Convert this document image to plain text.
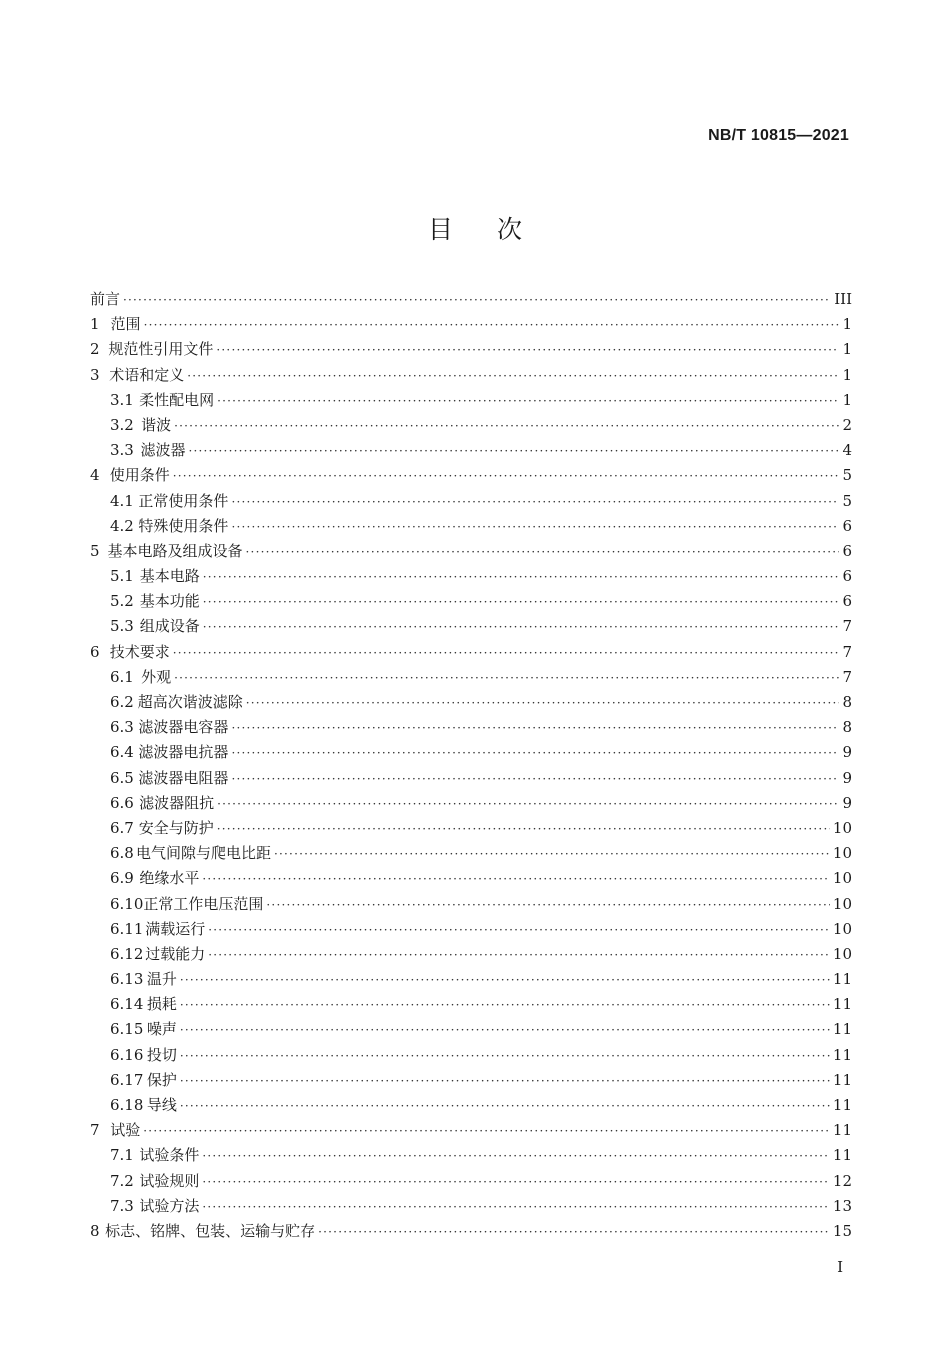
NB/T 10815—2021
目次
前言 ·····	III
1 范围 ·····	1
2 规范性引用文件 ·····	1
3 术语和定义 ·····	1
3.1 柔性配电网 ·····	1
3.2 谐波 ·····	2
3.3 滤波器 ·····	4
4 使用条件 ·····	5
4.1 正常使用条件 ·····	5
4.2 特殊使用条件 ·····	6
5 基本电路及组成设备 ·····	6
5.1 基本电路 ·····	6
5.2 基本功能 ·····	6
5.3 组成设备 ·····	7
6 技术要求 ·····	7
6.1 外观 ·····	7
6.2 超高次谐波滤除 ·····	8
6.3 滤波器电容器 ·····	8
6.4 滤波器电抗器 ·····	9
6.5 滤波器电阻器 ·····	9
6.6 滤波器阻抗 ·····	9
6.7 安全与防护 ·····	10
6.8 电气间隙与爬电比距 ·····	10
6.9 绝缘水平 ·····	10
6.10 正常工作电压范围 ·····	10
6.11 满载运行 ·····	10
6.12 过载能力 ·····	10
6.13 温升 ·····	11
6.14 损耗 ·····	11
6.15 噪声 ·····	11
6.16 投切 ·····	11
6.17 保护 ·····	11
6.18 导线 ·····	11
7 试验 ·····	11
7.1 试验条件 ·····	11
7.2 试验规则 ·····	12
7.3 试验方法 ·····	13
8 标志、铭牌、包装、运输与贮存 ·····	15
I
